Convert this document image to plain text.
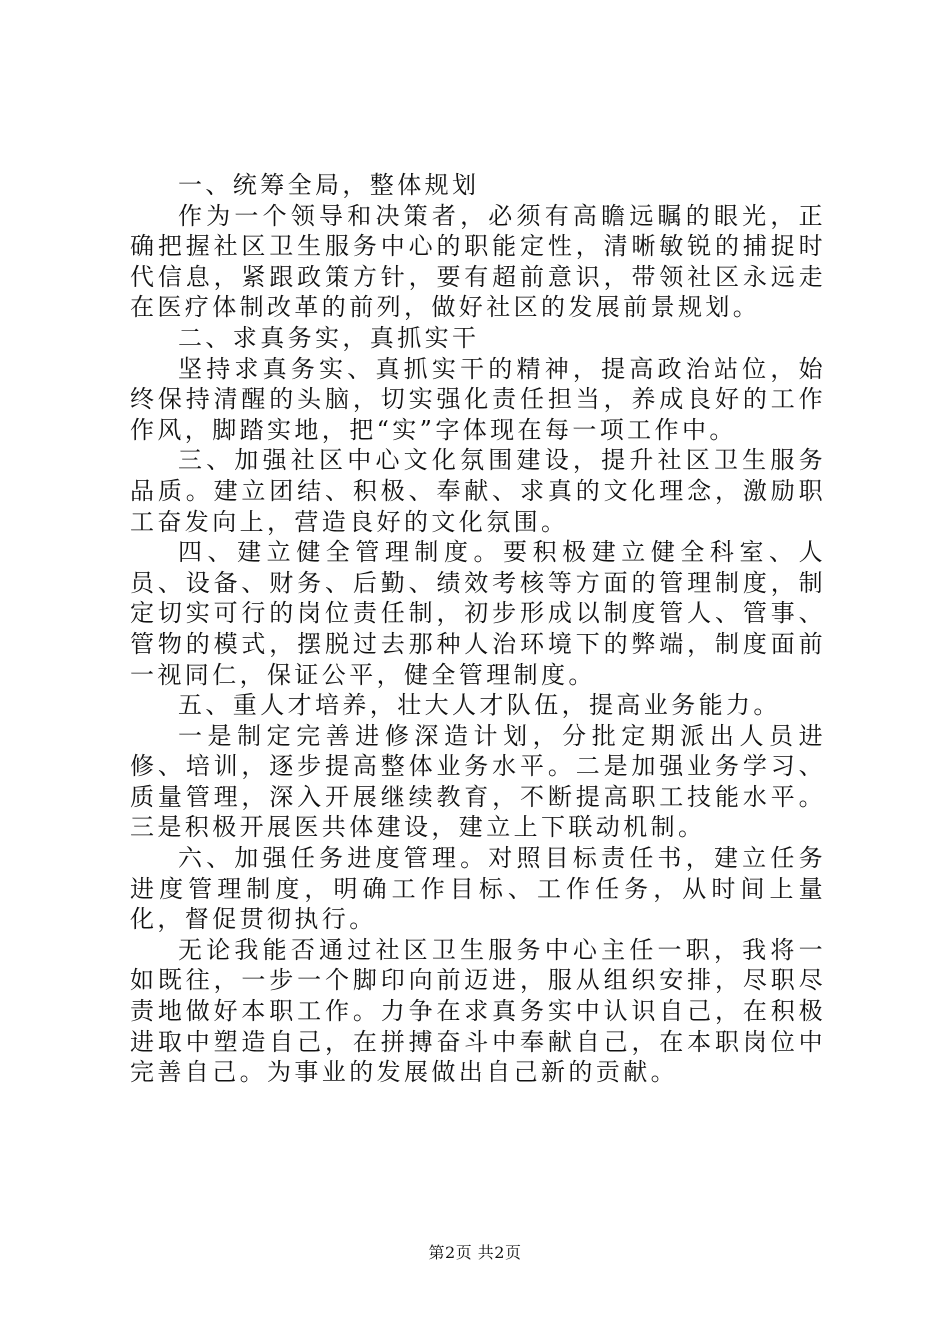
一、统筹全局，整体规划

作为一个领导和决策者，必须有高瞻远瞩的眼光，正确把握社区卫生服务中心的职能定性，清晰敏锐的捕捉时代信息，紧跟政策方针，要有超前意识，带领社区永远走在医疗体制改革的前列，做好社区的发展前景规划。

二、求真务实，真抓实干

坚持求真务实、真抓实干的精神，提高政治站位，始终保持清醒的头脑，切实强化责任担当，养成良好的工作作风，脚踏实地，把“实”字体现在每一项工作中。

三、加强社区中心文化氛围建设，提升社区卫生服务品质。建立团结、积极、奉献、求真的文化理念，激励职工奋发向上，营造良好的文化氛围。

四、建立健全管理制度。要积极建立健全科室、人员、设备、财务、后勤、绩效考核等方面的管理制度，制定切实可行的岗位责任制，初步形成以制度管人、管事、管物的模式，摆脱过去那种人治环境下的弊端，制度面前一视同仁，保证公平，健全管理制度。

五、重人才培养，壮大人才队伍，提高业务能力。

一是制定完善进修深造计划，分批定期派出人员进修、培训，逐步提高整体业务水平。二是加强业务学习、质量管理，深入开展继续教育，不断提高职工技能水平。三是积极开展医共体建设，建立上下联动机制。

六、加强任务进度管理。对照目标责任书，建立任务进度管理制度，明确工作目标、工作任务，从时间上量化，督促贯彻执行。

无论我能否通过社区卫生服务中心主任一职，我将一如既往，一步一个脚印向前迈进，服从组织安排，尽职尽责地做好本职工作。力争在求真务实中认识自己，在积极进取中塑造自己，在拼搏奋斗中奉献自己，在本职岗位中完善自己。为事业的发展做出自己新的贡献。

第2页 共2页
